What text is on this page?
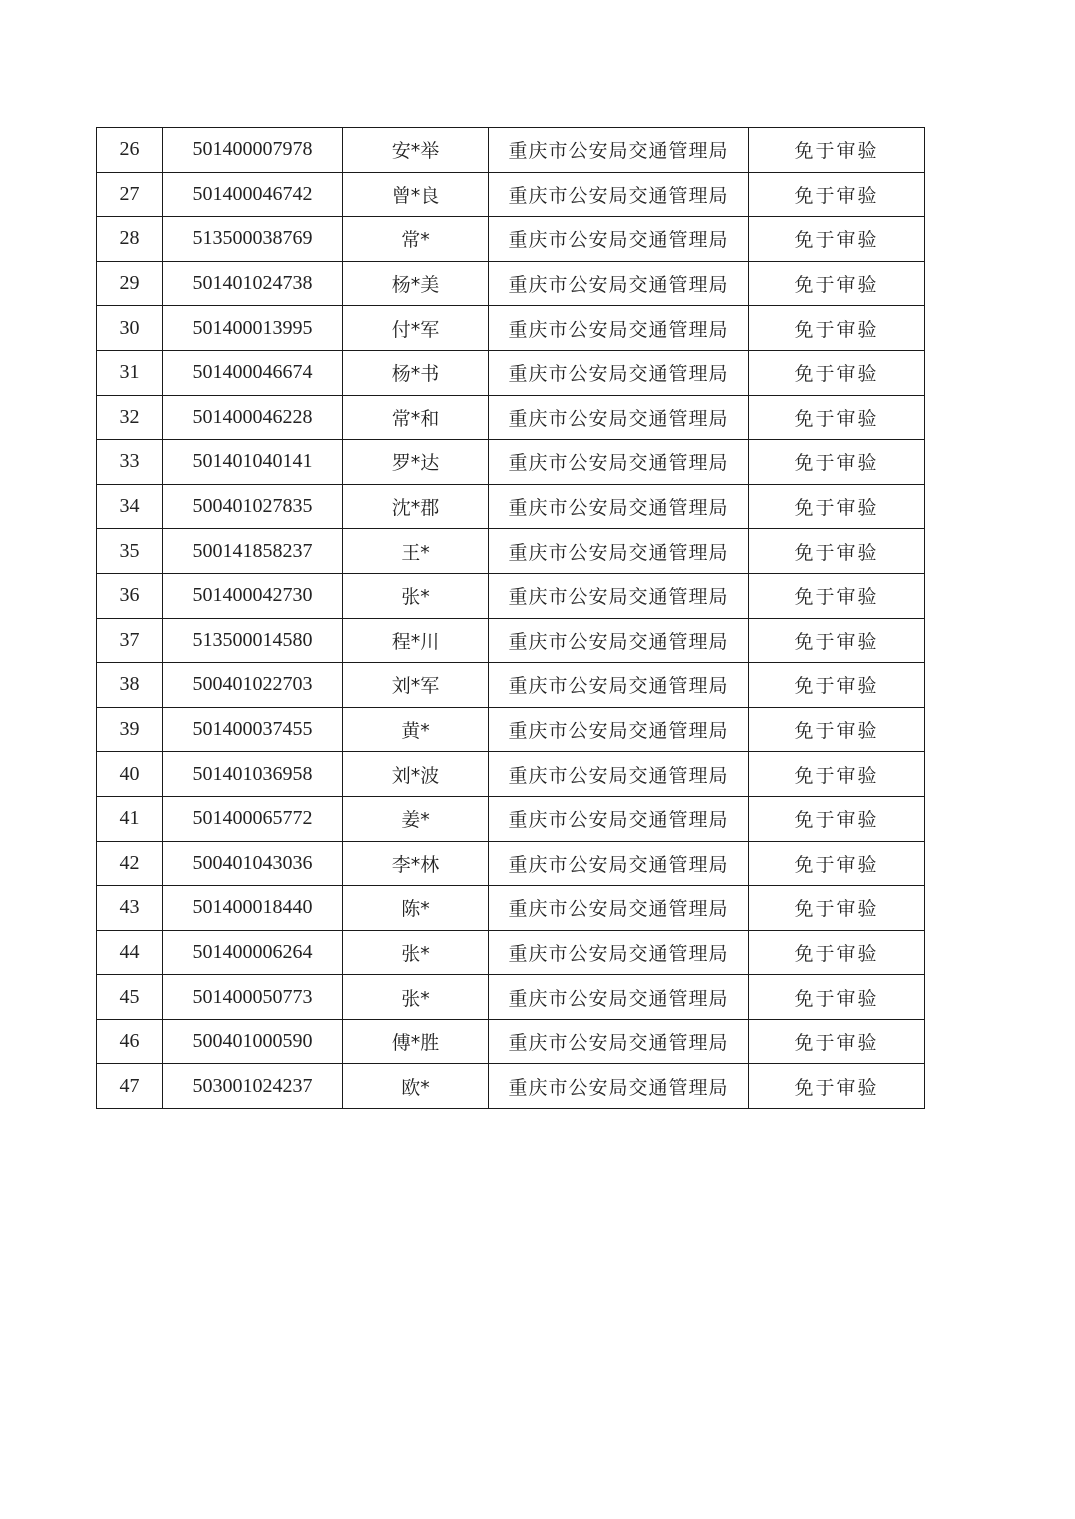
26	501400007978	安*举	重庆市公安局交通管理局	免于审验
27	501400046742	曾*良	重庆市公安局交通管理局	免于审验
28	513500038769	常*	重庆市公安局交通管理局	免于审验
29	501401024738	杨*美	重庆市公安局交通管理局	免于审验
30	501400013995	付*军	重庆市公安局交通管理局	免于审验
31	501400046674	杨*书	重庆市公安局交通管理局	免于审验
32	501400046228	常*和	重庆市公安局交通管理局	免于审验
33	501401040141	罗*达	重庆市公安局交通管理局	免于审验
34	500401027835	沈*郡	重庆市公安局交通管理局	免于审验
35	500141858237	王*	重庆市公安局交通管理局	免于审验
36	501400042730	张*	重庆市公安局交通管理局	免于审验
37	513500014580	程*川	重庆市公安局交通管理局	免于审验
38	500401022703	刘*军	重庆市公安局交通管理局	免于审验
39	501400037455	黄*	重庆市公安局交通管理局	免于审验
40	501401036958	刘*波	重庆市公安局交通管理局	免于审验
41	501400065772	姜*	重庆市公安局交通管理局	免于审验
42	500401043036	李*林	重庆市公安局交通管理局	免于审验
43	501400018440	陈*	重庆市公安局交通管理局	免于审验
44	501400006264	张*	重庆市公安局交通管理局	免于审验
45	501400050773	张*	重庆市公安局交通管理局	免于审验
46	500401000590	傅*胜	重庆市公安局交通管理局	免于审验
47	503001024237	欧*	重庆市公安局交通管理局	免于审验
